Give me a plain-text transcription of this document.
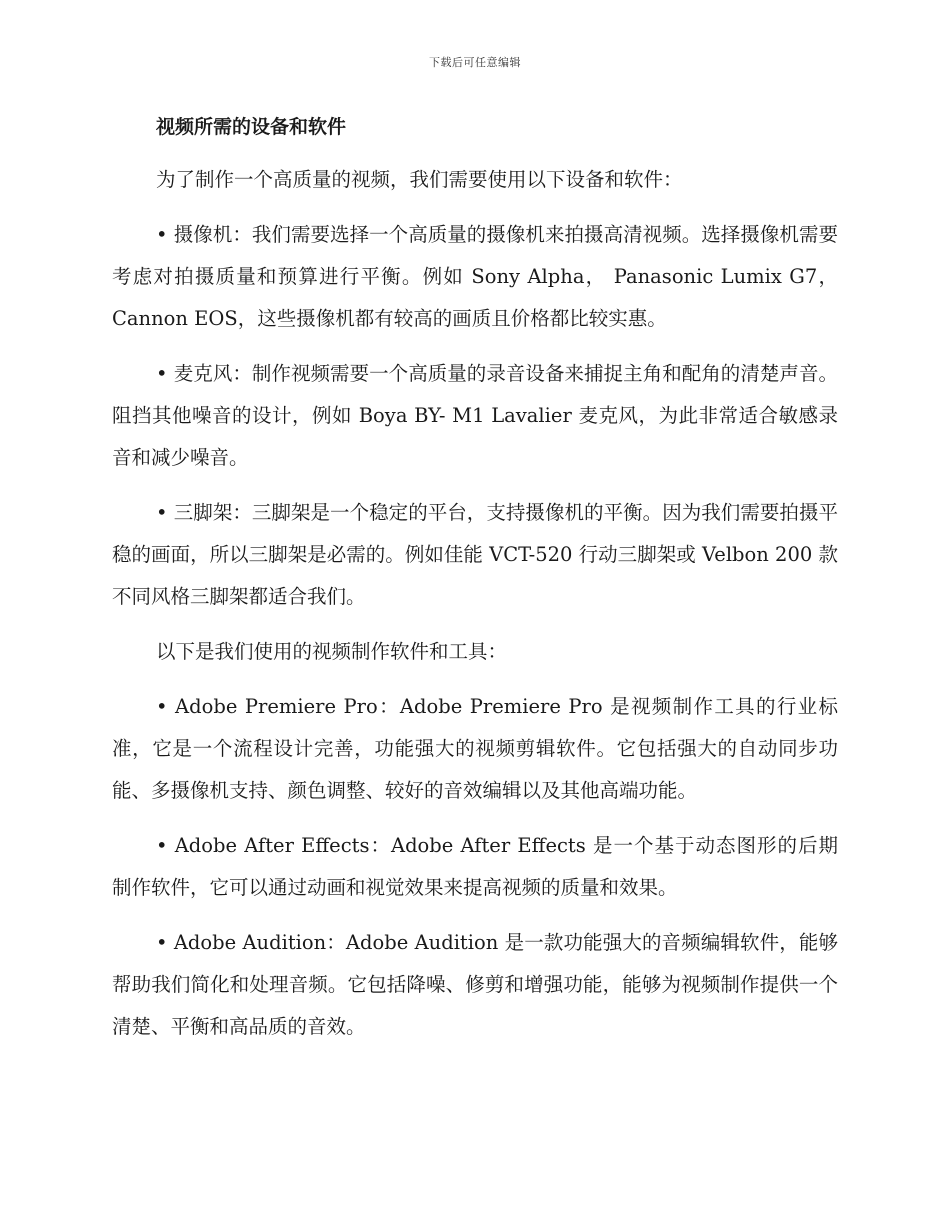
下载后可任意编辑

视频所需的设备和软件

为了制作一个高质量的视频，我们需要使用以下设备和软件：

• 摄像机：我们需要选择一个高质量的摄像机来拍摄高清视频。选择摄像机需要考虑对拍摄质量和预算进行平衡。例如 Sony Alpha， Panasonic Lumix G7，Cannon EOS，这些摄像机都有较高的画质且价格都比较实惠。

• 麦克风：制作视频需要一个高质量的录音设备来捕捉主角和配角的清楚声音。阻挡其他噪音的设计，例如 Boya BY- M1 Lavalier 麦克风，为此非常适合敏感录音和减少噪音。

• 三脚架：三脚架是一个稳定的平台，支持摄像机的平衡。因为我们需要拍摄平稳的画面，所以三脚架是必需的。例如佳能 VCT-520 行动三脚架或 Velbon 200 款不同风格三脚架都适合我们。

以下是我们使用的视频制作软件和工具：

• Adobe Premiere Pro：Adobe Premiere Pro 是视频制作工具的行业标准，它是一个流程设计完善，功能强大的视频剪辑软件。它包括强大的自动同步功能、多摄像机支持、颜色调整、较好的音效编辑以及其他高端功能。

• Adobe After Effects：Adobe After Effects 是一个基于动态图形的后期制作软件，它可以通过动画和视觉效果来提高视频的质量和效果。

• Adobe Audition：Adobe Audition 是一款功能强大的音频编辑软件，能够帮助我们简化和处理音频。它包括降噪、修剪和增强功能，能够为视频制作提供一个清楚、平衡和高品质的音效。
